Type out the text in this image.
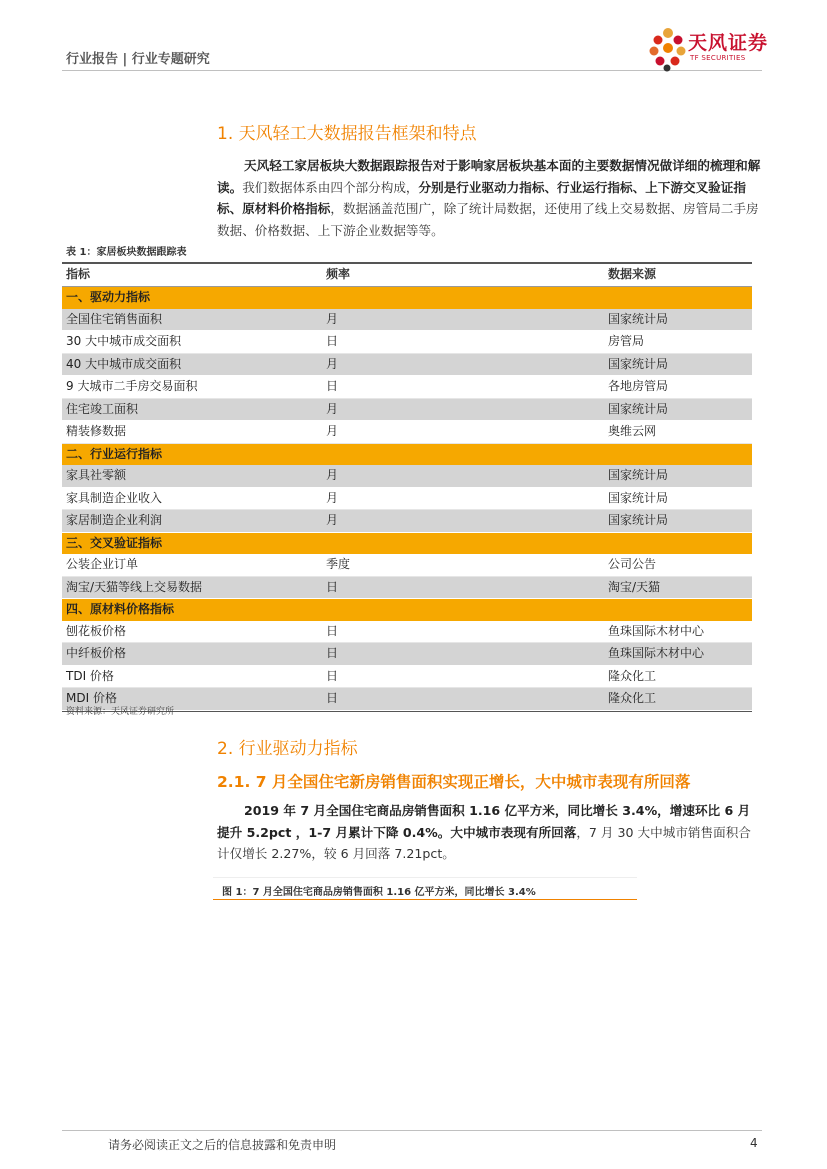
行业报告 | 行业专题研究
天风证券
TF SECURITIES
1. 天风轻工大数据报告框架和特点
天风轻工家居板块大数据跟踪报告对于影响家居板块基本面的主要数据情况做详细的梳理和解读。我们数据体系由四个部分构成，分别是行业驱动力指标、行业运行指标、上下游交叉验证指标、原材料价格指标，数据涵盖范围广，除了统计局数据，还使用了线上交易数据、房管局二手房数据、价格数据、上下游企业数据等等。
表 1：家居板块数据跟踪表
指标	频率	数据来源
一、驱动力指标
全国住宅销售面积	月	国家统计局
30 大中城市成交面积	日	房管局
40 大中城市成交面积	月	国家统计局
9 大城市二手房交易面积	日	各地房管局
住宅竣工面积	月	国家统计局
精装修数据	月	奥维云网
二、行业运行指标
家具社零额	月	国家统计局
家具制造企业收入	月	国家统计局
家居制造企业利润	月	国家统计局
三、交叉验证指标
公装企业订单	季度	公司公告
淘宝/天猫等线上交易数据	日	淘宝/天猫
四、原材料价格指标
刨花板价格	日	鱼珠国际木材中心
中纤板价格	日	鱼珠国际木材中心
TDI 价格	日	隆众化工
MDI 价格	日	隆众化工
资料来源：天风证券研究所
2. 行业驱动力指标
2.1. 7 月全国住宅新房销售面积实现正增长，大中城市表现有所回落
2019 年 7 月全国住宅商品房销售面积 1.16 亿平方米，同比增长 3.4%，增速环比 6 月提升 5.2pct ，1-7 月累计下降 0.4%。大中城市表现有所回落，7 月 30 大中城市销售面积合计仅增长 2.27%，较 6 月回落 7.21pct。
图 1：7 月全国住宅商品房销售面积 1.16 亿平方米，同比增长 3.4%
请务必阅读正文之后的信息披露和免责申明	4
